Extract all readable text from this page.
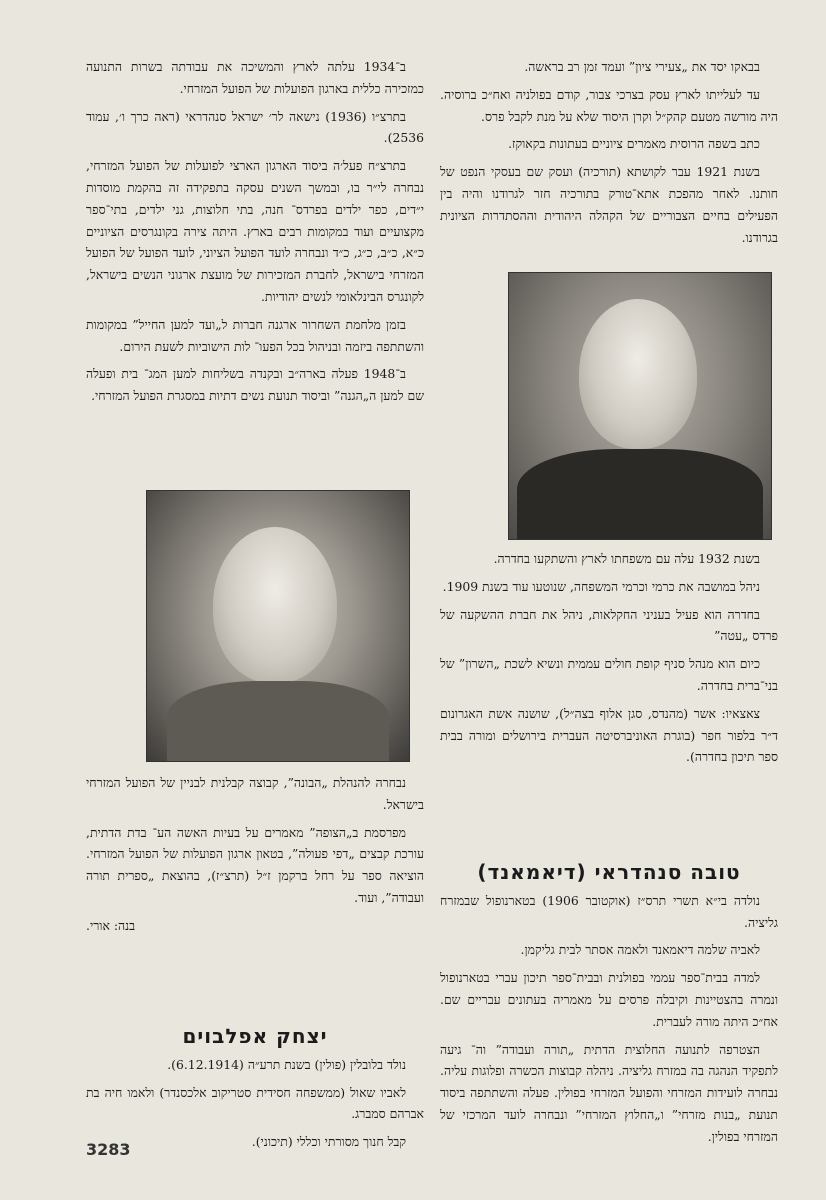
בבאקו יסד את „צעירי ציון” ועמד זמן רב בראשה.

עד לעלייתו לארץ עסק בצרכי צבור, קודם בפולניה ואח״כ ברוסיה. היה מורשה מטעם קהק״ל וקרן היסוד שלא על מנת לקבל פרס.

כתב בשפה הרוסית מאמרים ציוניים בעתונות בקאוקז.

בשנת 1921 עבר לקושתא (תורכיה) ועסק שם בעסקי הנפט של חותנו. לאחר מהפכת אתא־טורק בתורכיה חזר לגרודנו והיה בין הפעילים בחיים הצבוריים של הקהלה היהודית וההסתדרות הציונית בגרודנו.

בשנת 1932 עלה עם משפחתו לארץ והשתקעו בחדרה.

ניהל במושבה את כרמי וכרמי המשפחה, שנוטעו עוד בשנת 1909.

בחדרה הוא פעיל בעניני החקלאות, ניהל את חברת ההשקעה של פרדס „עטה”

כיום הוא מנהל סניף קופת חולים עממית ונשיא לשכת „השרון” של בני־ברית בחדרה.

צאצאיו: אשר (מהנדס, סגן אלוף בצה״ל), שושנה אשת האגרונום ד״ר בלפור חפר (בוגרת האוניברסיטה העברית בירושלים ומורה בבית ספר תיכון בחדרה).

טובה סנהדראי (דיאמאנד)

נולדה בי״א תשרי תרס״ז (אוקטובר 1906) בטארנופול שבמזרח גליציה.

לאביה שלמה דיאמאנד ולאמה אסתר לבית גליקמן.

למדה בבית־ספר עממי בפולנית ובבית־ספר תיכון עברי בטארנופול ונמרה בהצטיינות וקיבלה פרסים על מאמריה בעתונים עבריים שם. אח״כ היתה מורה לעברית.

הצטרפה לתנועה החלוצית הדתית „תורה ועבודה” וה־ גיעה לתפקיד הנהגה בה במזרח גליציה. ניהלה קבוצות הכשרה ופלוגות עליה. נבחרה לועידות המזרחי והפועל המזרחי בפולין. פעלה והשתתפה ביסוד תנועת „בנות מזרחי” ו„החלוץ המזרחי” ונבחרה לועד המרכזי של המזרחי בפולין.

ב־1934 עלתה לארץ והמשיכה את עבודתה בשרות התנועה כמזכירה כללית בארגון הפועלות של הפועל המזרחי.

בתרצ״ו (1936) נישאה לר׳ ישראל סנהדראי (ראה כרך ו׳, עמוד 2536).

בתרצ״ח פעל׳ה ביסוד הארגון הארצי לפועלות של הפועל המזרחי, נבחרה לי״ר בו, ובמשך השנים עסקה בתפקידה זה בהקמת מוסדות י״דים, כפר ילדים בפרדס־ חנה, בתי חלוצות, גני ילדים, בתי־ספר מקצועיים ועוד במקומות רבים בארץ. היתה צירה בקונגרסים הציוניים כ״א, כ״ב, כ״ג, כ״ד ונבחרה לועד הפועל הציוני, לועד הפועל של הפועל המזרחי בישראל, לחברת המזכירות של מועצת ארגוני הנשים בישראל, לקונגרס הבינלאומי לנשים יהודיות.

בזמן מלחמת השחרור ארגנה חברות ל„ועד למען החייל” במקומות והשתתפה ביזמה ובניהול בכל הפעו־ לות הישוביות לשעת הירום.

ב־1948 פעלה בארה״ב ובקנדה בשליחות למען המג־ בית ופעלה שם למען ה„הגנה” וביסוד תנועת נשים דתיות במסגרת הפועל המזרחי.

נבחרה להנהלת „הבונה”, קבוצה קבלנית לבניין של הפועל המזרחי בישראל.

מפרסמת ב„הצופה” מאמרים על בעיות האשה הע־ בדת הדתית, עורכת קבצים „דפי פעולה”, בטאון ארגון הפועלות של הפועל המזרחי. הוציאה ספר על רחל ברקמן ז״ל (תרצ״ז), בהוצאת „ספרית תורה ועבודה”, ועוד.

בנה: אורי.

יצחק אפלבוים

נולד בלובלין (פולין) בשנת תרע״ה (6.12.1914).

לאביו שאול (ממשפחה חסידית סטריקוב אלכסנדר) ולאמו חיה בת אברהם סמברג.

קבל חנוך מסורתי וכללי (תיכוני).

3283
